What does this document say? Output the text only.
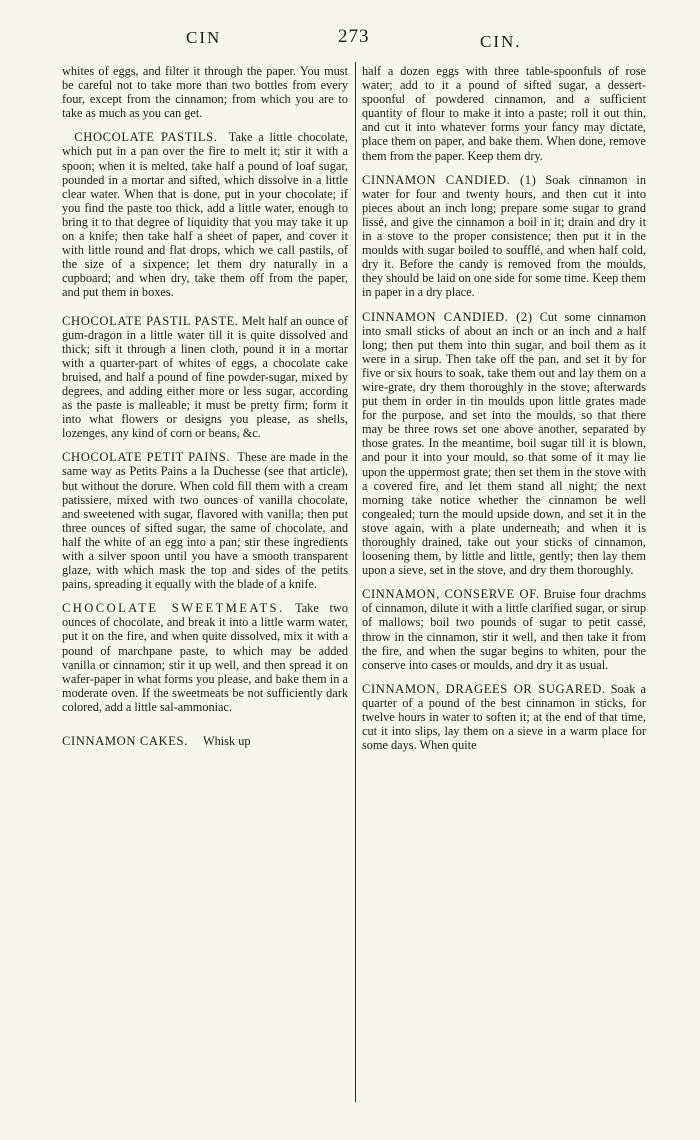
CIN	273	CIN.

whites of eggs, and filter it through the paper. You must be careful not to take more than two bottles from every four, except from the cinnamon; from which you are to take as much as you can get.

 CHOCOLATE PASTILS. Take a little chocolate, which put in a pan over the fire to melt it; stir it with a spoon; when it is melted, take half a pound of loaf sugar, pounded in a mortar and sifted, which dissolve in a little clear water. When that is done, put in your chocolate; if you find the paste too thick, add a little water, enough to bring it to that degree of liquidity that you may take it up on a knife; then take half a sheet of paper, and cover it with little round and flat drops, which we call pastils, of the size of a sixpence; let them dry naturally in a cupboard; and when dry, take them off from the paper, and put them in boxes.

CHOCOLATE PASTIL PASTE. Melt half an ounce of gum-dragon in a little water till it is quite dissolved and thick; sift it through a linen cloth, pound it in a mortar with a quarter-part of whites of eggs, a chocolate cake bruised, and half a pound of fine powder-sugar, mixed by degrees, and adding either more or less sugar, according as the paste is malleable; it must be pretty firm; form it into what flowers or designs you please, as shells, lozenges, any kind of corn or beans, &c.

CHOCOLATE PETIT PAINS. These are made in the same way as Petits Pains a la Duchesse (see that article), but without the dorure. When cold fill them with a cream patissiere, mixed with two ounces of vanilla chocolate, and sweetened with sugar, flavored with vanilla; then put three ounces of sifted sugar, the same of chocolate, and half the white of an egg into a pan; stir these ingredients with a silver spoon until you have a smooth transparent glaze, with which mask the top and sides of the petits pains, spreading it equally with the blade of a knife.

CHOCOLATE SWEETMEATS. Take two ounces of chocolate, and break it into a little warm water, put it on the fire, and when quite dissolved, mix it with a pound of marchpane paste, to which may be added vanilla or cinnamon; stir it up well, and then spread it on wafer-paper in what forms you please, and bake them in a moderate oven. If the sweetmeats be not sufficiently dark colored, add a little sal-ammoniac.

CINNAMON CAKES.  Whisk up

half a dozen eggs with three table-spoonfuls of rose water; add to it a pound of sifted sugar, a dessert-spoonful of powdered cinnamon, and a sufficient quantity of flour to make it into a paste; roll it out thin, and cut it into whatever forms your fancy may dictate, place them on paper, and bake them. When done, remove them from the paper. Keep them dry.

CINNAMON CANDIED. (1) Soak cinnamon in water for four and twenty hours, and then cut it into pieces about an inch long; prepare some sugar to grand lissé, and give the cinnamon a boil in it; drain and dry it in a stove to the proper consistence; then put it in the moulds with sugar boiled to soufflé, and when half cold, dry it. Before the candy is removed from the moulds, they should be laid on one side for some time. Keep them in paper in a dry place.

CINNAMON CANDIED. (2) Cut some cinnamon into small sticks of about an inch or an inch and a half long; then put them into thin sugar, and boil them as it were in a sirup. Then take off the pan, and set it by for five or six hours to soak, take them out and lay them on a wire-grate, dry them thoroughly in the stove; afterwards put them in order in tin moulds upon little grates made for the purpose, and set into the moulds, so that there may be three rows set one above another, separated by those grates. In the meantime, boil sugar till it is blown, and pour it into your mould, so that some of it may lie upon the uppermost grate; then set them in the stove with a covered fire, and let them stand all night; the next morning take notice whether the cinnamon be well congealed; turn the mould upside down, and set it in the stove again, with a plate underneath; and when it is thoroughly drained, take out your sticks of cinnamon, loosening them, by little and little, gently; then lay them upon a sieve, set in the stove, and dry them thoroughly.

CINNAMON, CONSERVE OF. Bruise four drachms of cinnamon, dilute it with a little clarified sugar, or sirup of mallows; boil two pounds of sugar to petit cassé, throw in the cinnamon, stir it well, and then take it from the fire, and when the sugar begins to whiten, pour the conserve into cases or moulds, and dry it as usual.

CINNAMON, DRAGEES OR SUGARED. Soak a quarter of a pound of the best cinnamon in sticks, for twelve hours in water to soften it; at the end of that time, cut it into slips, lay them on a sieve in a warm place for some days. When quite
